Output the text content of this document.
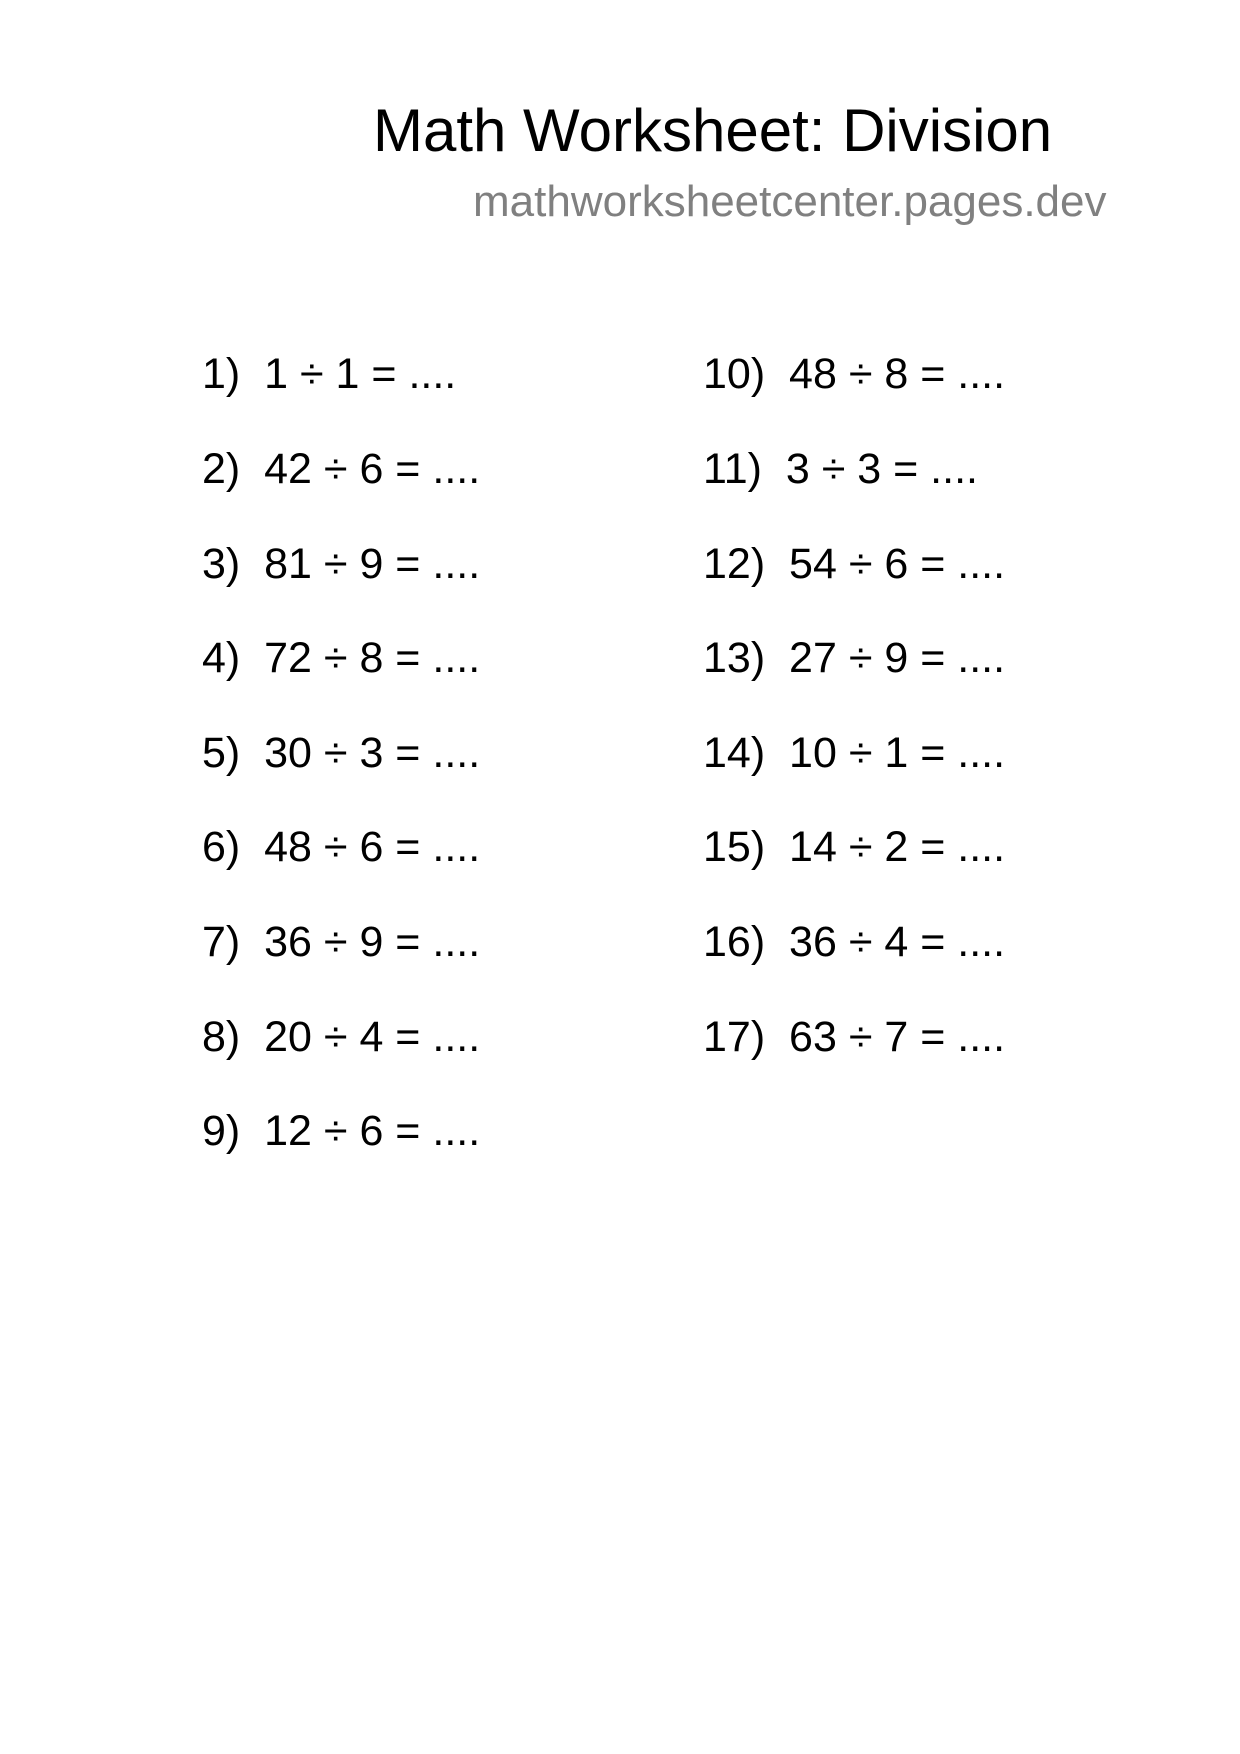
Math Worksheet: Division
mathworksheetcenter.pages.dev
1)  1 ÷ 1 = ....
2)  42 ÷ 6 = ....
3)  81 ÷ 9 = ....
4)  72 ÷ 8 = ....
5)  30 ÷ 3 = ....
6)  48 ÷ 6 = ....
7)  36 ÷ 9 = ....
8)  20 ÷ 4 = ....
9)  12 ÷ 6 = ....
10)  48 ÷ 8 = ....
11)  3 ÷ 3 = ....
12)  54 ÷ 6 = ....
13)  27 ÷ 9 = ....
14)  10 ÷ 1 = ....
15)  14 ÷ 2 = ....
16)  36 ÷ 4 = ....
17)  63 ÷ 7 = ....
